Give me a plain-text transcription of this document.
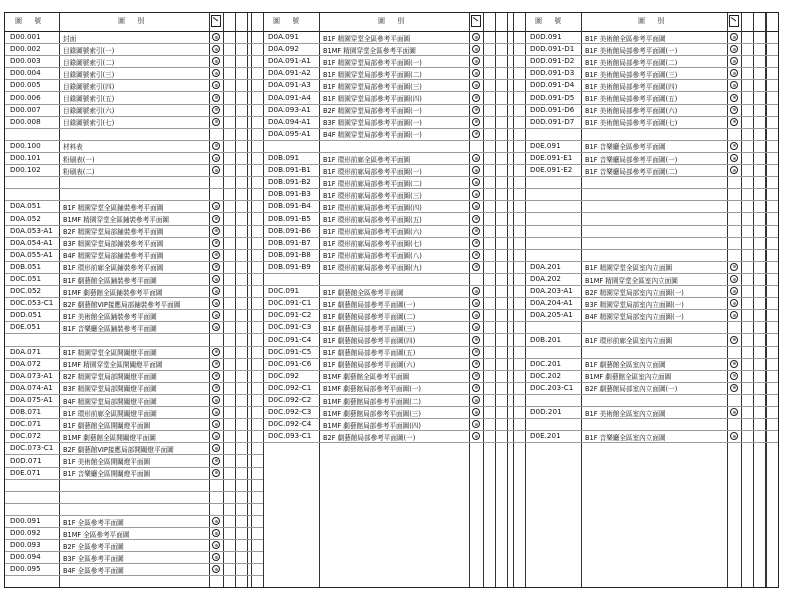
圖 號	圖 別
D00.001	封面
D00.002	目錄圖號索引(一)
D00.003	目錄圖號索引(二)
D00.004	目錄圖號索引(三)
D00.005	目錄圖號索引(四)
D00.006	目錄圖號索引(五)
D00.007	目錄圖號索引(六)
D00.008	目錄圖號索引(七)
D00.100	材料表
D00.101	粉刷表(一)
D00.102	粉刷表(二)
D0A.051	B1F 精園穿堂全區鋪裝參考平面圖
D0A.052	B1MF 精園穿堂全區鋪裝參考平面圖
D0A.053-A1 B2F 精園穿堂局部鋪裝參考平面圖
D0A.054-A1 B3F 精園穿堂局部鋪裝參考平面圖
D0A.055-A1 B4F 精園穿堂局部鋪裝參考平面圖
D0B.051	B1F 環形前廊全區鋪裝參考平面圖
D0C.051	B1F 劇藝館全區鋪裝參考平面圖
D0C.052	B1MF 劇藝館全區鋪裝參考平面圖
D0C.053-C1 B2F 劇藝館VIP接應局部鋪裝參考平面圖
D0D.051	B1F 美術館全區鋪裝參考平面圖
D0E.051	B1F 音樂廳全區鋪裝參考平面圖
D0A.071	B1F 精園穿堂全區開關燈平面圖
D0A.072	B1MF 精園穿堂全區開關燈平面圖
D0A.073-A1 B2F 精園穿堂局部開關燈平面圖
D0A.074-A1 B3F 精園穿堂局部開關燈平面圖
D0A.075-A1 B4F 精園穿堂局部開關燈平面圖
D0B.071	B1F 環形前廊全區開關燈平面圖
D0C.071	B1F 劇藝館全區開關燈平面圖
D0C.072	B1MF 劇藝館全區開關燈平面圖
D0C.073-C1 B2F 劇藝館VIP接應局部開關燈平面圖
D0D.071	B1F 美術館全區開關燈平面圖
D0E.071	B1F 音樂廳全區開關燈平面圖
D00.091	B1F 全區參考平面圖
D00.092	B1MF 全區參考平面圖
D00.093	B2F 全區參考平面圖
D00.094	B3F 全區參考平面圖
D00.095	B4F 全區參考平面圖
圖 號	圖 別
D0A.091	B1F 精園穿堂全區參考平面圖
D0A.092	B1MF 精園穿堂全區參考平面圖
D0A.091-A1 B1F 精園穿堂局部參考平面圖(一)
D0A.091-A2 B1F 精園穿堂局部參考平面圖(二)
D0A.091-A3 B1F 精園穿堂局部參考平面圖(三)
D0A.091-A4 B1F 精園穿堂局部參考平面圖(四)
D0A.093-A1 B2F 精園穿堂局部參考平面圖(一)
D0A.094-A1 B3F 精園穿堂局部參考平面圖(一)
D0A.095-A1 B4F 精園穿堂局部參考平面圖(一)
D0B.091	B1F 環形前廊全區參考平面圖
D0B.091-B1 B1F 環形前廊局部參考平面圖(一)
D0B.091-B2 B1F 環形前廊局部參考平面圖(二)
D0B.091-B3 B1F 環形前廊局部參考平面圖(三)
D0B.091-B4 B1F 環形前廊局部參考平面圖(四)
D0B.091-B5 B1F 環形前廊局部參考平面圖(五)
D0B.091-B6 B1F 環形前廊局部參考平面圖(六)
D0B.091-B7 B1F 環形前廊局部參考平面圖(七)
D0B.091-B8 B1F 環形前廊局部參考平面圖(八)
D0B.091-B9 B1F 環形前廊局部參考平面圖(九)
D0C.091	B1F 劇藝館全區參考平面圖
D0C.091-C1 B1F 劇藝館局部參考平面圖(一)
D0C.091-C2 B1F 劇藝館局部參考平面圖(二)
D0C.091-C3 B1F 劇藝館局部參考平面圖(三)
D0C.091-C4 B1F 劇藝館局部參考平面圖(四)
D0C.091-C5 B1F 劇藝館局部參考平面圖(五)
D0C.091-C6 B1F 劇藝館局部參考平面圖(六)
D0C.092	B1MF 劇藝館全區參考平面圖
D0C.092-C1 B1MF 劇藝館局部參考平面圖(一)
D0C.092-C2 B1MF 劇藝館局部參考平面圖(二)
D0C.092-C3 B1MF 劇藝館局部參考平面圖(三)
D0C.092-C4 B1MF 劇藝館局部參考平面圖(四)
D0C.093-C1 B2F 劇藝館局部參考平面圖(一)
圖 號	圖 別
D0D.091	B1F 美術館全區參考平面圖
D0D.091-D1 B1F 美術館局部參考平面圖(一)
D0D.091-D2 B1F 美術館局部參考平面圖(二)
D0D.091-D3 B1F 美術館局部參考平面圖(三)
D0D.091-D4 B1F 美術館局部參考平面圖(四)
D0D.091-D5 B1F 美術館局部參考平面圖(五)
D0D.091-D6 B1F 美術館局部參考平面圖(六)
D0D.091-D7 B1F 美術館局部參考平面圖(七)
D0E.091	B1F 音樂廳全區參考平面圖
D0E.091-E1 B1F 音樂廳局部參考平面圖(一)
D0E.091-E2 B1F 音樂廳局部參考平面圖(二)
D0A.201	B1F 精園穿堂全區室內立面圖
D0A.202	B1MF 精園穿堂全區室內立面圖
D0A.203-A1 B2F 精園穿堂局部室內立面圖(一)
D0A.204-A1 B3F 精園穿堂局部室內立面圖(一)
D0A.205-A1 B4F 精園穿堂局部室內立面圖(一)
D0B.201	B1F 環形前廊全區室內立面圖
D0C.201	B1F 劇藝館全區室內立面圖
D0C.202	B1MF 劇藝館全區室內立面圖
D0C.203-C1 B2F 劇藝館局部室內立面圖(一)
D0D.201	B1F 美術館全區室內立面圖
D0E.201	B1F 音樂廳全區室內立面圖
